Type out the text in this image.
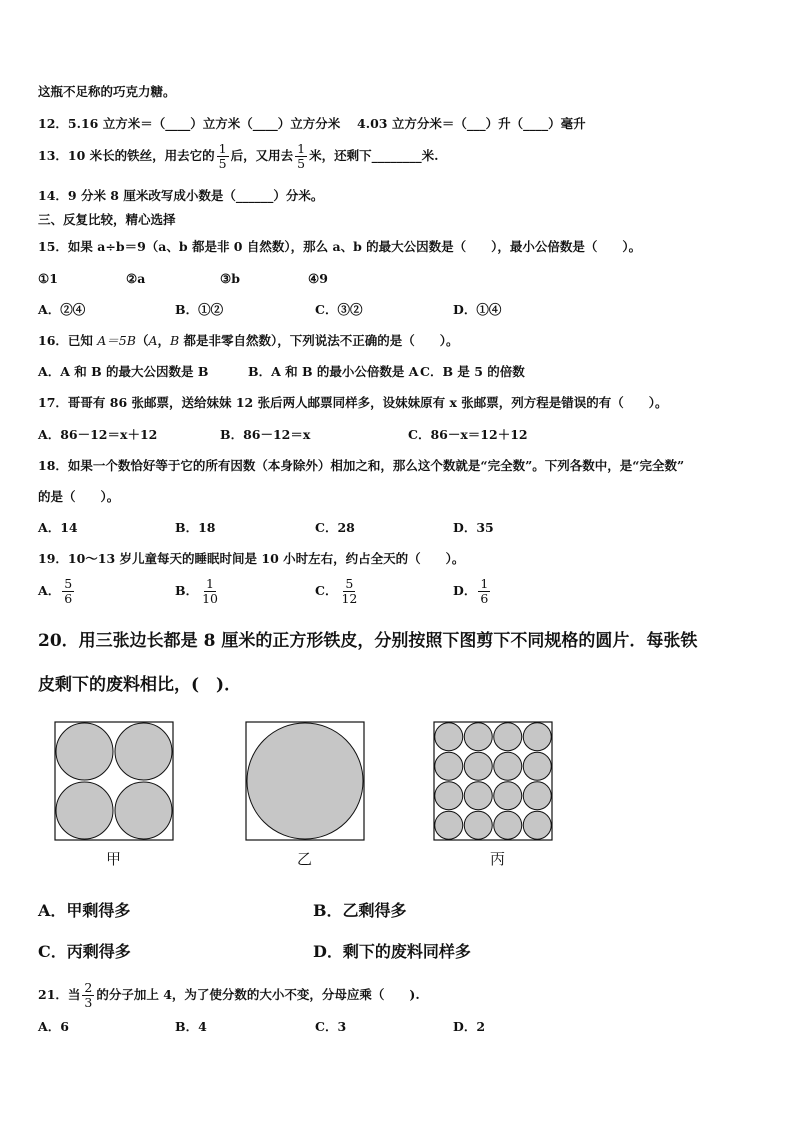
这瓶不足称的巧克力糖。
12．5.16 立方米＝（____）立方米（____）立方分米　 4.03 立方分米＝（___）升（____）毫升
13．10 米长的铁丝，用去它的 $\frac{1}{5}$ 后，又用去 $\frac{1}{5}$ 米，还剩下________米.
14．9 分米 8 厘米改写成小数是（______）分米。
三、反复比较，精心选择
15．如果 a÷b＝9（a、b 都是非 0 自然数），那么 a、b 的最大公因数是（　　），最小公倍数是（　　）。
①1	②a	③b	④9
A．②④	B．①②	C．③②	D．①④
16．已知 A＝5B（A，B 都是非零自然数），下列说法不正确的是（　　）。
A．A 和 B 的最大公因数是 B	B．A 和 B 的最小公倍数是 A C．B 是 5 的倍数
17．哥哥有 86 张邮票，送给妹妹 12 张后两人邮票同样多，设妹妹原有 x 张邮票，列方程是错误的有（　　）。
A．86－12＝x＋12	B．86－12＝x	C．86－x＝12＋12
18．如果一个数恰好等于它的所有因数（本身除外）相加之和，那么这个数就是“完全数”。下列各数中，是“完全数”
的是（　　）。
A．14	B．18	C．28	D．35
19．10～13 岁儿童每天的睡眠时间是 10 小时左右，约占全天的（　　）。
A． $\frac{5}{6}$	B． $\frac{1}{10}$	C． $\frac{5}{12}$	D． $\frac{1}{6}$
20．用三张边长都是 8 厘米的正方形铁皮，分别按照下图剪下不同规格的圆片．每张铁
皮剩下的废料相比，(　)．
甲	乙	丙
A．甲剩得多	B．乙剩得多
C．丙剩得多	D．剩下的废料同样多
21．当 $\frac{2}{3}$ 的分子加上 4，为了使分数的大小不变，分母应乘（　　).
A．6	B．4	C．3	D．2
